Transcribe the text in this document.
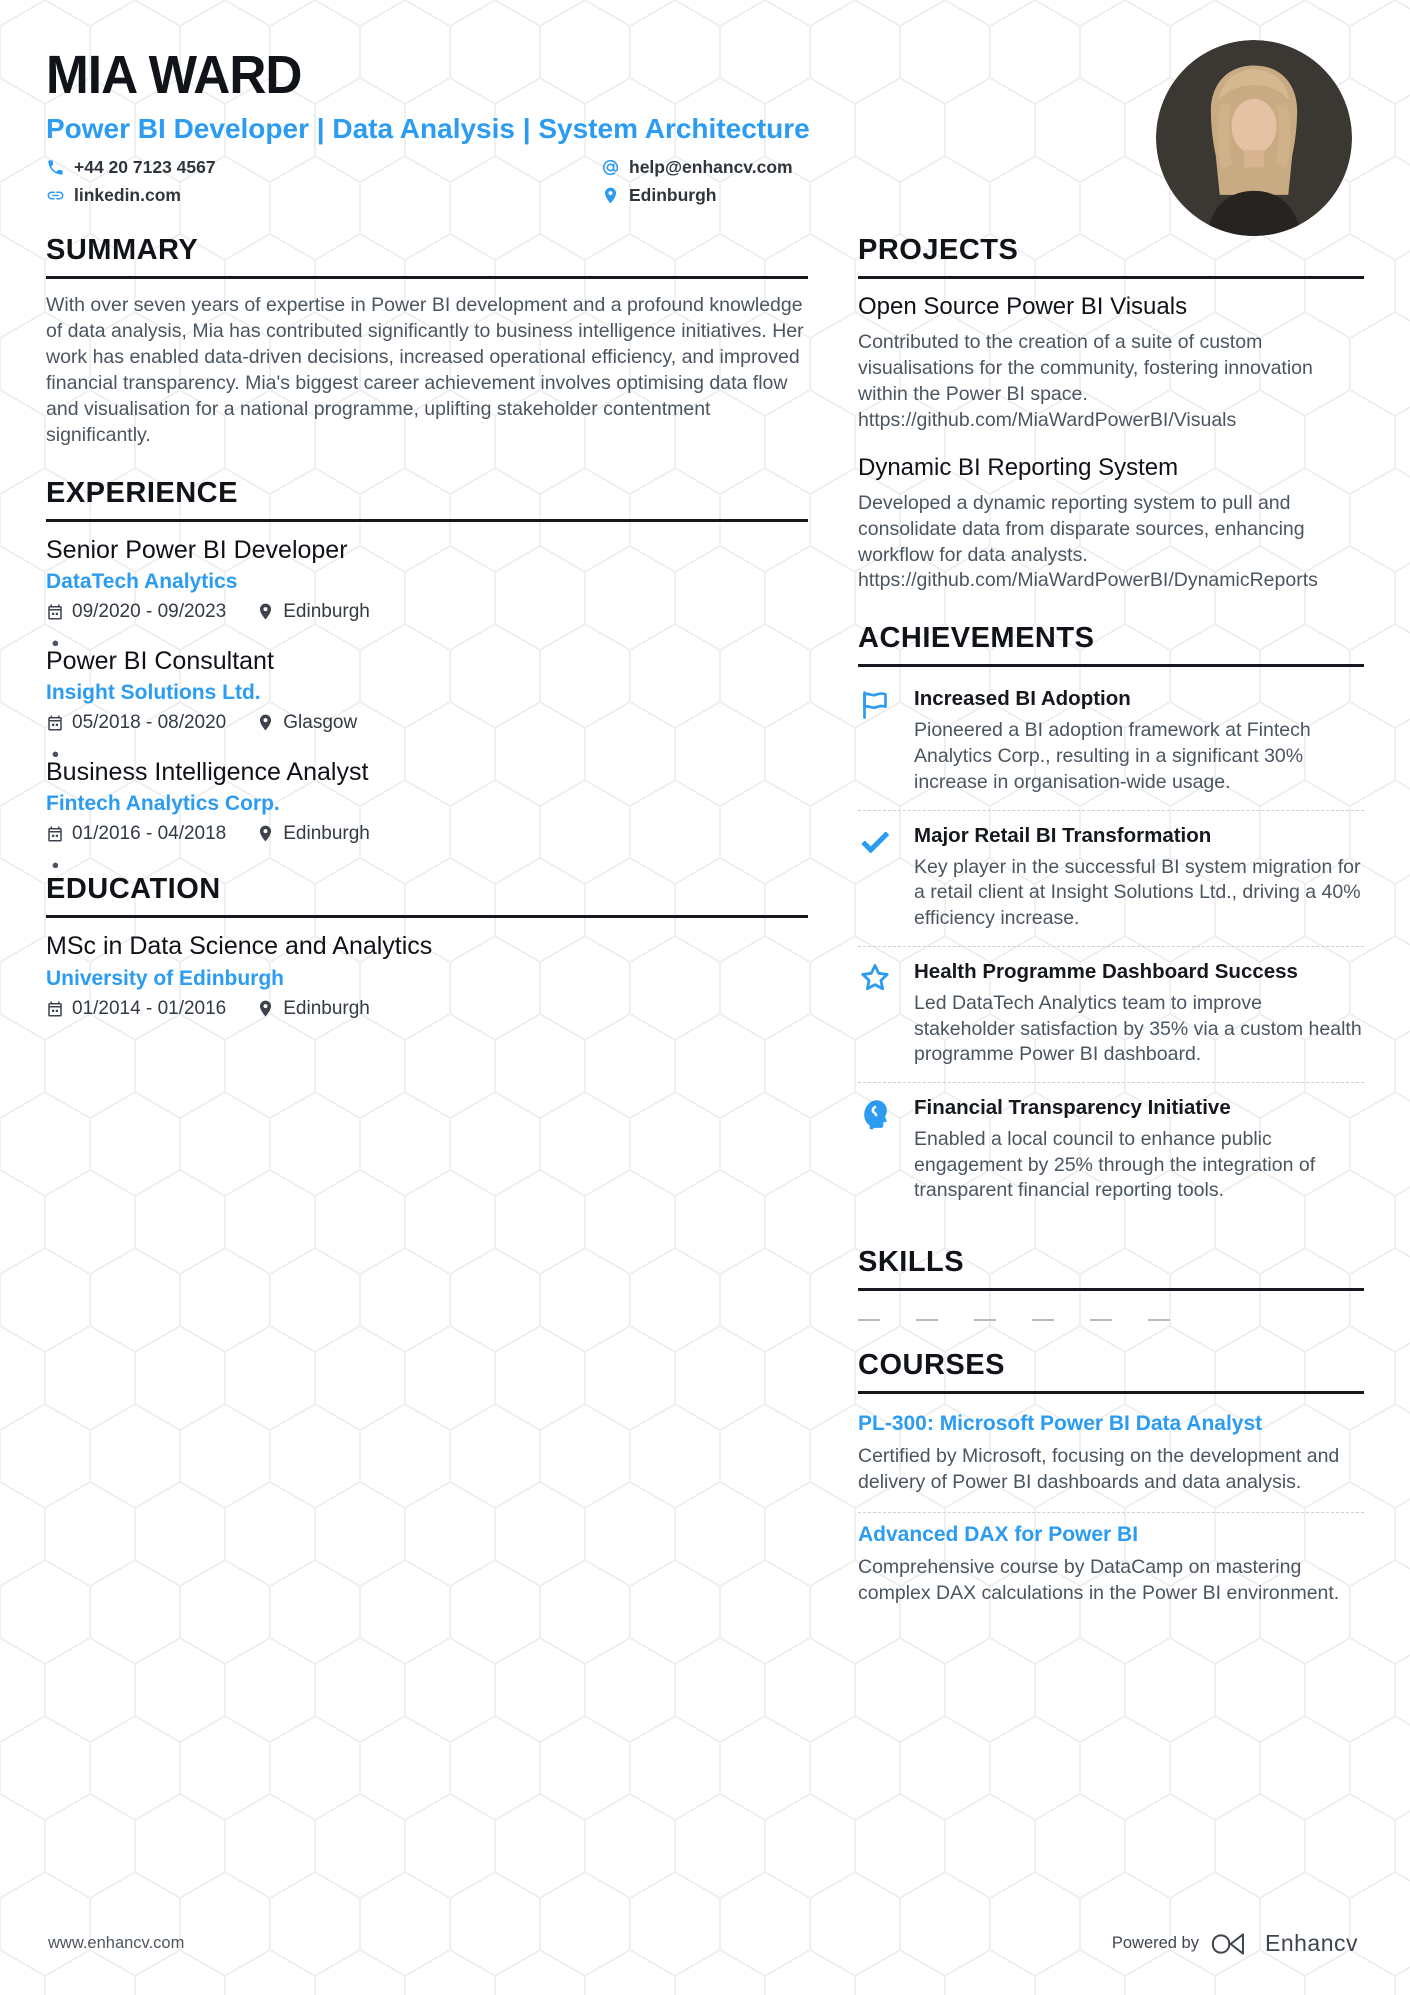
MIA WARD
Power BI Developer | Data Analysis | System Architecture
+44 20 7123 4567	help@enhancv.com
linkedin.com	Edinburgh
SUMMARY

With over seven years of expertise in Power BI development and a profound knowledge of data analysis, Mia has contributed significantly to business intelligence initiatives. Her work has enabled data-driven decisions, increased operational efficiency, and improved financial transparency. Mia's biggest career achievement involves optimising data flow and visualisation for a national programme, uplifting stakeholder contentment significantly.

EXPERIENCE
Senior Power BI Developer
DataTech Analytics
09/2020 - 09/2023	Edinburgh
Power BI Consultant
Insight Solutions Ltd.
05/2018 - 08/2020	Glasgow
Business Intelligence Analyst
Fintech Analytics Corp.
01/2016 - 04/2018	Edinburgh
EDUCATION
MSc in Data Science and Analytics
University of Edinburgh
01/2014 - 01/2016	Edinburgh
PROJECTS
Open Source Power BI Visuals

Contributed to the creation of a suite of custom visualisations for the community, fostering innovation within the Power BI space.

https://github.com/MiaWardPowerBI/Visuals

Dynamic BI Reporting System

Developed a dynamic reporting system to pull and consolidate data from disparate sources, enhancing workflow for data analysts.

https://github.com/MiaWardPowerBI/DynamicReports

ACHIEVEMENTS
Increased BI Adoption

Pioneered a BI adoption framework at Fintech Analytics Corp., resulting in a significant 30% increase in organisation-wide usage.

Major Retail BI Transformation

Key player in the successful BI system migration for a retail client at Insight Solutions Ltd., driving a 40% efficiency increase.

Health Programme Dashboard Success

Led DataTech Analytics team to improve stakeholder satisfaction by 35% via a custom health programme Power BI dashboard.

Financial Transparency Initiative

Enabled a local council to enhance public engagement by 25% through the integration of transparent financial reporting tools.

SKILLS
COURSES
PL-300: Microsoft Power BI Data Analyst

Certified by Microsoft, focusing on the development and delivery of Power BI dashboards and data analysis.

Advanced DAX for Power BI

Comprehensive course by DataCamp on mastering complex DAX calculations in the Power BI environment.

www.enhancv.com	Powered by	Enhancv
